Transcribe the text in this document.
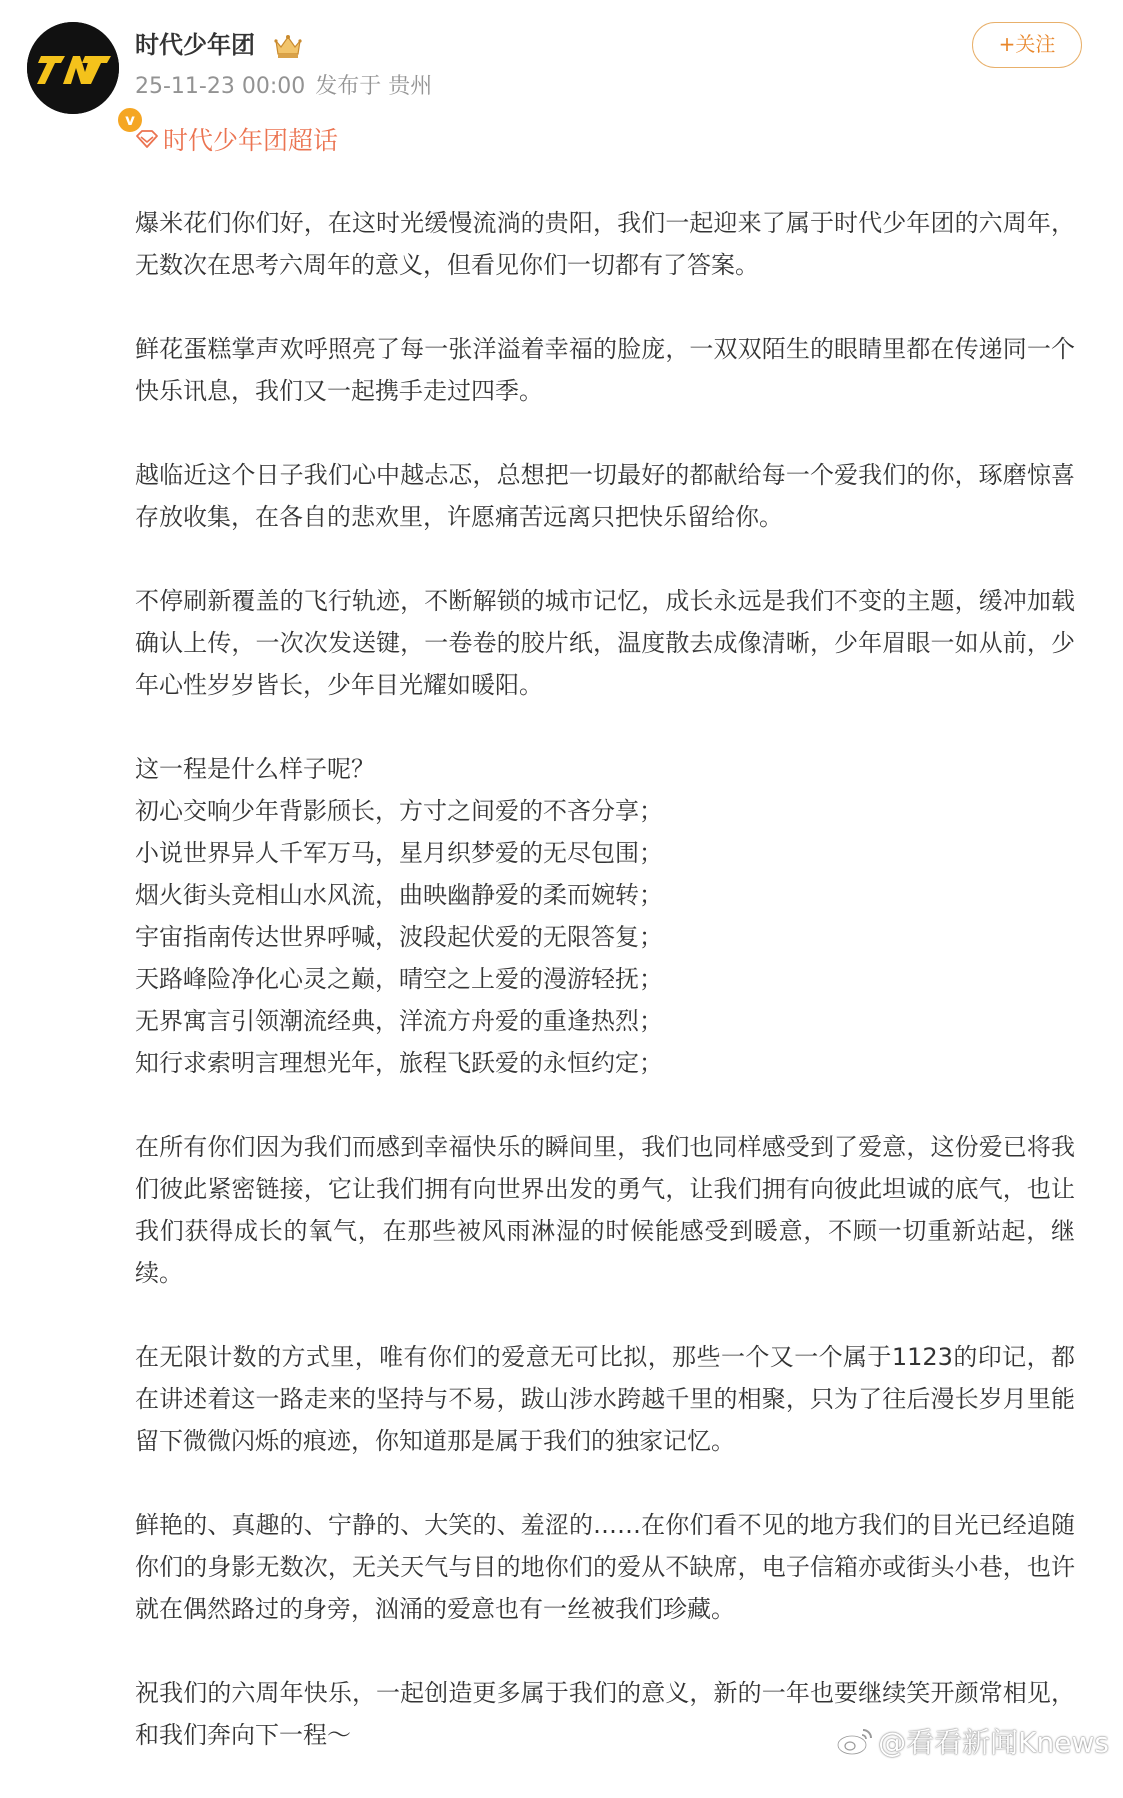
v
时代少年团
25-11-23 00:00 发布于 贵州
+关注
时代少年团超话

爆米花们你们好，在这时光缓慢流淌的贵阳，我们一起迎来了属于时代少年团的六周年，无数次在思考六周年的意义，但看见你们一切都有了答案。

鲜花蛋糕掌声欢呼照亮了每一张洋溢着幸福的脸庞，一双双陌生的眼睛里都在传递同一个快乐讯息，我们又一起携手走过四季。

越临近这个日子我们心中越忐忑，总想把一切最好的都献给每一个爱我们的你，琢磨惊喜存放收集，在各自的悲欢里，许愿痛苦远离只把快乐留给你。

不停刷新覆盖的飞行轨迹，不断解锁的城市记忆，成长永远是我们不变的主题，缓冲加载确认上传，一次次发送键，一卷卷的胶片纸，温度散去成像清晰，少年眉眼一如从前，少年心性岁岁皆长，少年目光耀如暖阳。

这一程是什么样子呢？
初心交响少年背影颀长，方寸之间爱的不吝分享；
小说世界异人千军万马，星月织梦爱的无尽包围；
烟火街头竞相山水风流，曲映幽静爱的柔而婉转；
宇宙指南传达世界呼喊，波段起伏爱的无限答复；
天路峰险净化心灵之巅，晴空之上爱的漫游轻抚；
无界寓言引领潮流经典，洋流方舟爱的重逢热烈；
知行求索明言理想光年，旅程飞跃爱的永恒约定；

在所有你们因为我们而感到幸福快乐的瞬间里，我们也同样感受到了爱意，这份爱已将我们彼此紧密链接，它让我们拥有向世界出发的勇气，让我们拥有向彼此坦诚的底气，也让我们获得成长的氧气，在那些被风雨淋湿的时候能感受到暖意，不顾一切重新站起，继续。

在无限计数的方式里，唯有你们的爱意无可比拟，那些一个又一个属于1123的印记，都在讲述着这一路走来的坚持与不易，跋山涉水跨越千里的相聚，只为了往后漫长岁月里能留下微微闪烁的痕迹，你知道那是属于我们的独家记忆。

鲜艳的、真趣的、宁静的、大笑的、羞涩的……在你们看不见的地方我们的目光已经追随你们的身影无数次，无关天气与目的地你们的爱从不缺席，电子信箱亦或街头小巷，也许就在偶然路过的身旁，汹涌的爱意也有一丝被我们珍藏。

祝我们的六周年快乐，一起创造更多属于我们的意义，新的一年也要继续笑开颜常相见，和我们奔向下一程～	@看看新闻Knews
